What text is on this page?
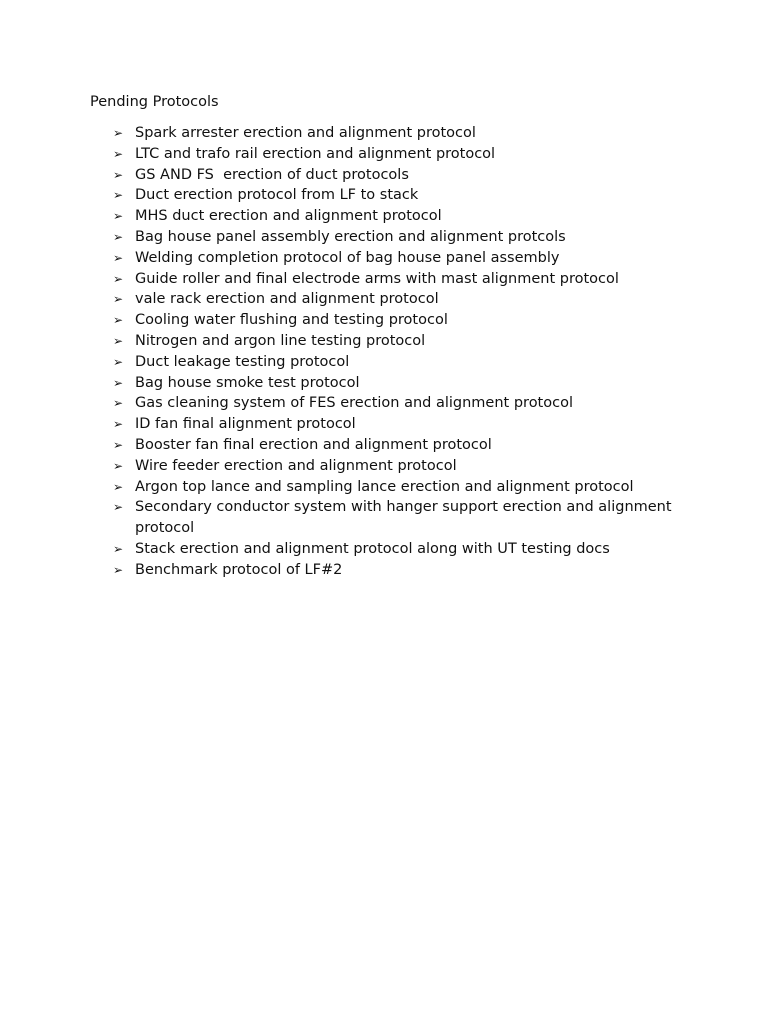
Pending Protocols
➢ Spark arrester erection and alignment protocol
➢ LTC and trafo rail erection and alignment protocol
➢ GS AND FS  erection of duct protocols
➢ Duct erection protocol from LF to stack
➢ MHS duct erection and alignment protocol
➢ Bag house panel assembly erection and alignment protcols
➢ Welding completion protocol of bag house panel assembly
➢ Guide roller and final electrode arms with mast alignment protocol
➢ vale rack erection and alignment protocol
➢ Cooling water flushing and testing protocol
➢ Nitrogen and argon line testing protocol
➢ Duct leakage testing protocol
➢ Bag house smoke test protocol
➢ Gas cleaning system of FES erection and alignment protocol
➢ ID fan final alignment protocol
➢ Booster fan final erection and alignment protocol
➢ Wire feeder erection and alignment protocol
➢ Argon top lance and sampling lance erection and alignment protocol
➢ Secondary conductor system with hanger support erection and alignment protocol
➢ Stack erection and alignment protocol along with UT testing docs
➢ Benchmark protocol of LF#2
